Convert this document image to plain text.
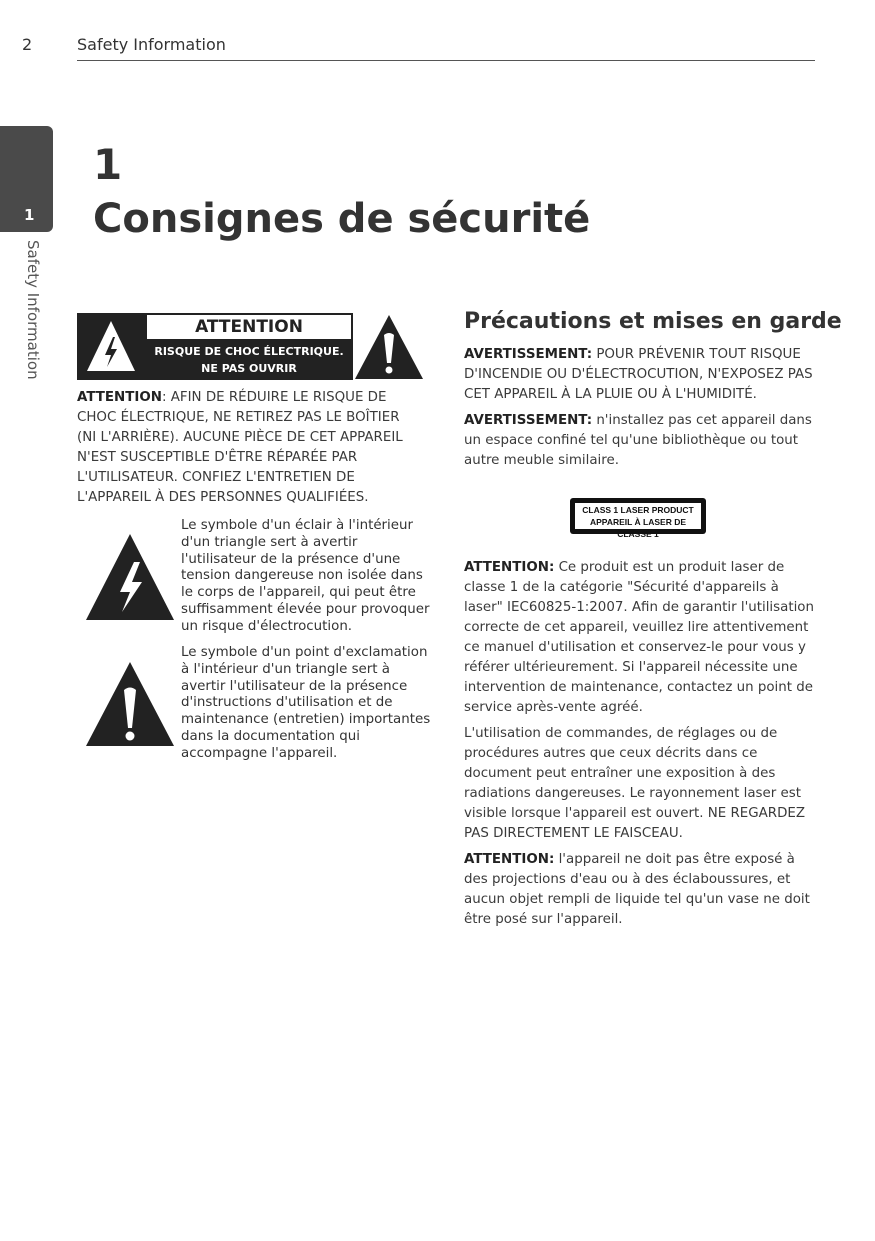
2	Safety Information
1
Safety Information
1
Consignes de sécurité
ATTENTION
RISQUE DE CHOC ÉLECTRIQUE.
NE PAS OUVRIR
ATTENTION: AFIN DE RÉDUIRE LE RISQUE DE CHOC ÉLECTRIQUE, NE RETIREZ PAS LE BOÎTIER (NI L'ARRIÈRE). AUCUNE PIÈCE DE CET APPAREIL N'EST SUSCEPTIBLE D'ÊTRE RÉPARÉE PAR L'UTILISATEUR. CONFIEZ L'ENTRETIEN DE L'APPAREIL À DES PERSONNES QUALIFIÉES.
Le symbole d'un éclair à l'intérieur d'un triangle sert à avertir l'utilisateur de la présence d'une tension dangereuse non isolée dans le corps de l'appareil, qui peut être suffisamment élevée pour provoquer un risque d'électrocution.
Le symbole d'un point d'exclamation à l'intérieur d'un triangle sert à avertir l'utilisateur de la présence d'instructions d'utilisation et de maintenance (entretien) importantes dans la documentation qui accompagne l'appareil.
Précautions et mises en garde
AVERTISSEMENT: POUR PRÉVENIR TOUT RISQUE D'INCENDIE OU D'ÉLECTROCUTION, N'EXPOSEZ PAS CET APPAREIL À LA PLUIE OU À L'HUMIDITÉ.
AVERTISSEMENT: n'installez pas cet appareil dans un espace confiné tel qu'une bibliothèque ou tout autre meuble similaire.
CLASS 1 LASER PRODUCT
APPAREIL À LASER DE CLASSE 1
ATTENTION: Ce produit est un produit laser de classe 1 de la catégorie "Sécurité d'appareils à laser" IEC60825-1:2007. Afin de garantir l'utilisation correcte de cet appareil, veuillez lire attentivement ce manuel d'utilisation et conservez-le pour vous y référer ultérieurement. Si l'appareil nécessite une intervention de maintenance, contactez un point de service après-vente agréé.
L'utilisation de commandes, de réglages ou de procédures autres que ceux décrits dans ce document peut entraîner une exposition à des radiations dangereuses. Le rayonnement laser est visible lorsque l'appareil est ouvert. NE REGARDEZ PAS DIRECTEMENT LE FAISCEAU.
ATTENTION: l'appareil ne doit pas être exposé à des projections d'eau ou à des éclaboussures, et aucun objet rempli de liquide tel qu'un vase ne doit être posé sur l'appareil.
